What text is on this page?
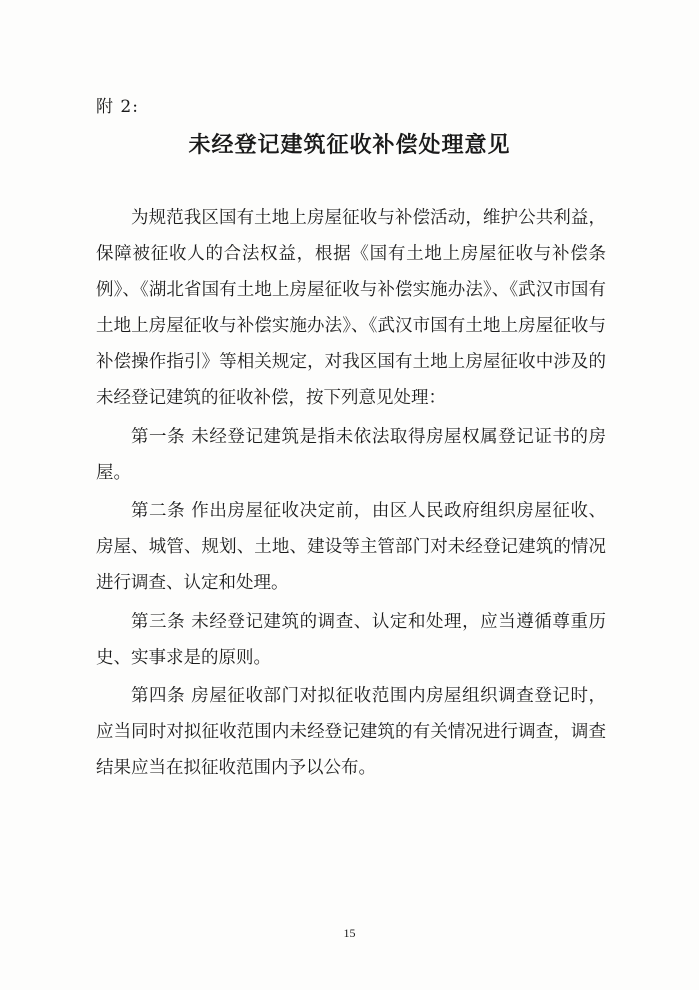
附 2:
未经登记建筑征收补偿处理意见

为规范我区国有土地上房屋征收与补偿活动，维护公共利益，保障被征收人的合法权益，根据《国有土地上房屋征收与补偿条例》、《湖北省国有土地上房屋征收与补偿实施办法》、《武汉市国有土地上房屋征收与补偿实施办法》、《武汉市国有土地上房屋征收与补偿操作指引》等相关规定，对我区国有土地上房屋征收中涉及的未经登记建筑的征收补偿，按下列意见处理：

第一条 未经登记建筑是指未依法取得房屋权属登记证书的房屋。

第二条 作出房屋征收决定前，由区人民政府组织房屋征收、房屋、城管、规划、土地、建设等主管部门对未经登记建筑的情况进行调查、认定和处理。

第三条 未经登记建筑的调查、认定和处理，应当遵循尊重历史、实事求是的原则。

第四条 房屋征收部门对拟征收范围内房屋组织调查登记时，应当同时对拟征收范围内未经登记建筑的有关情况进行调查，调查结果应当在拟征收范围内予以公布。

15
